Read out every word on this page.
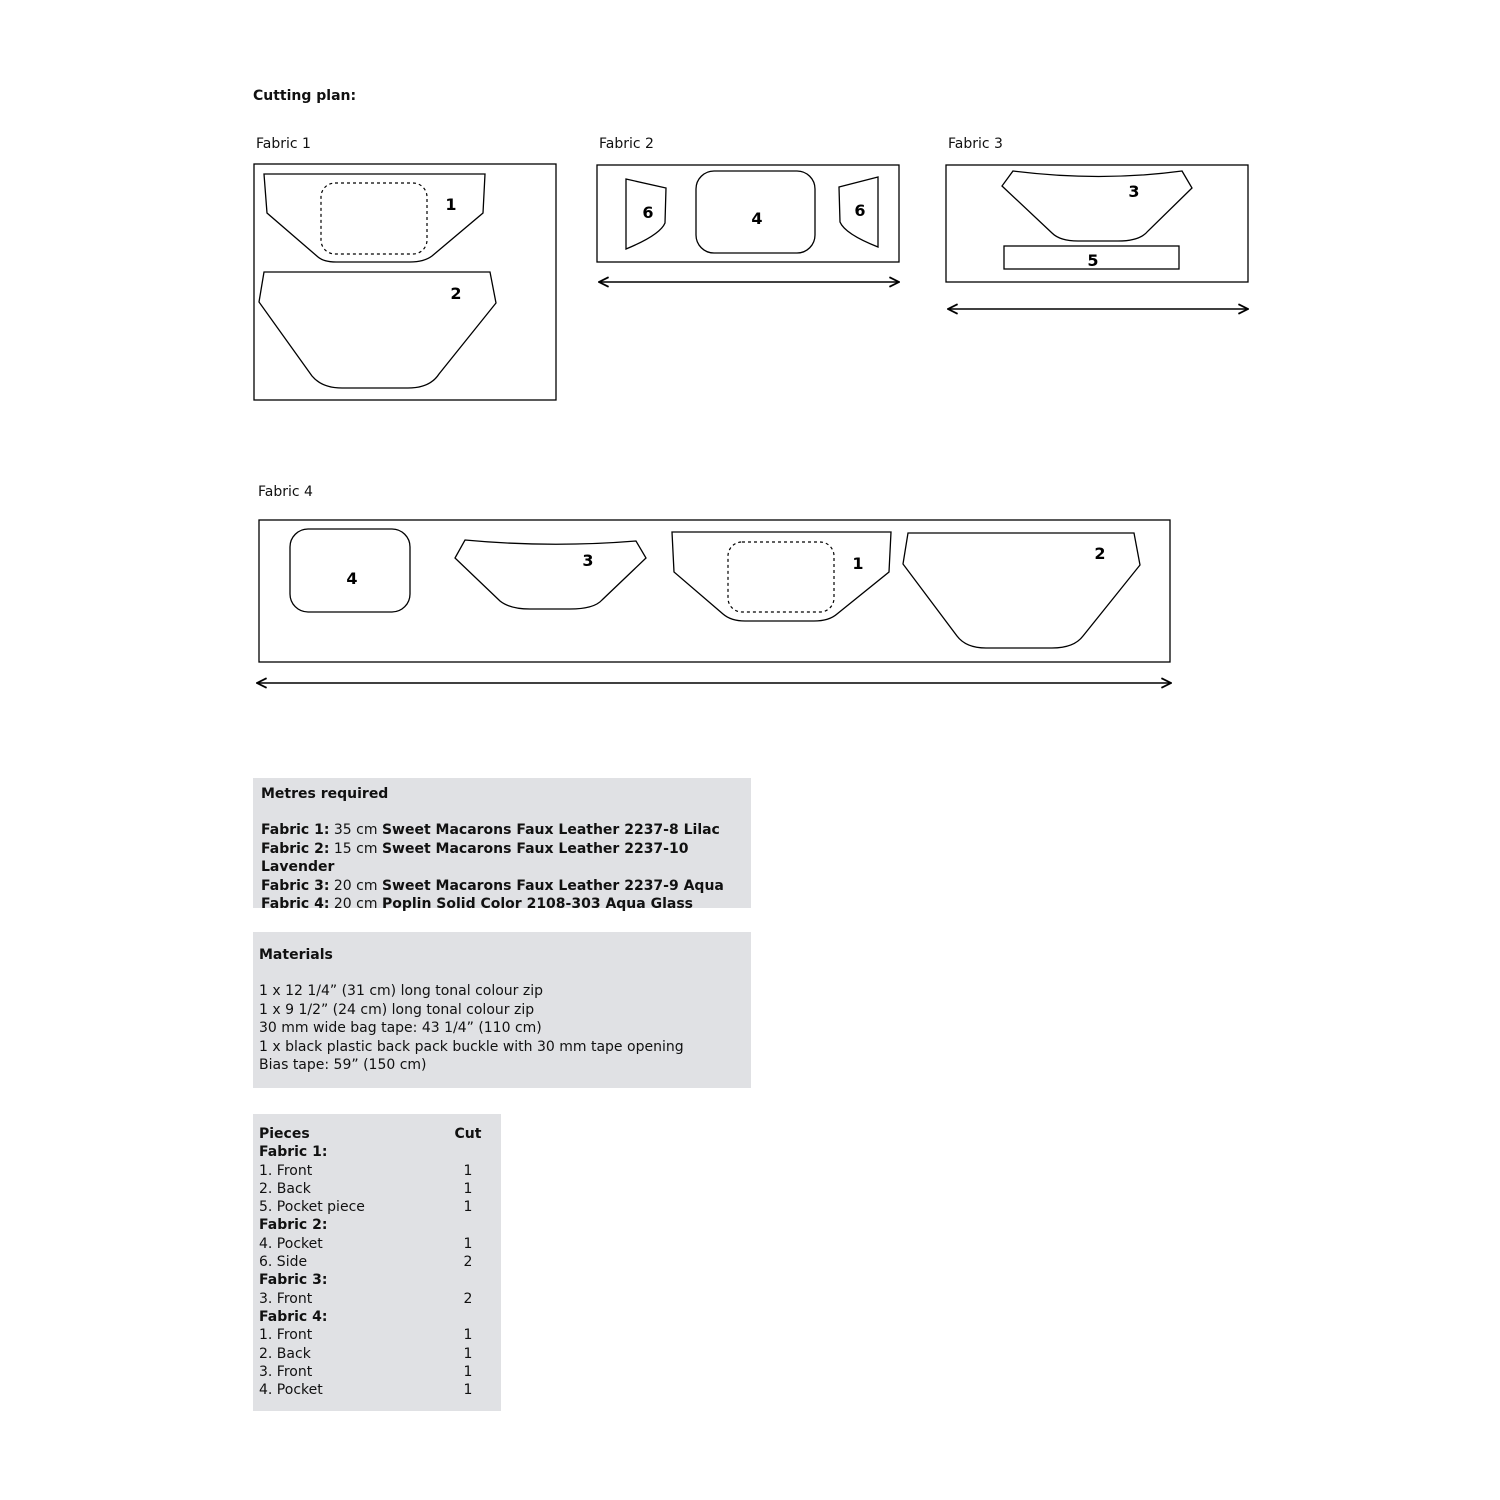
Cutting plan:
Fabric 1	Fabric 2	Fabric 3
Fabric 4
1
2
6	4	6
3
5
4
3	1
2
Metres required
Fabric 1: 35 cm Sweet Macarons Faux Leather 2237-8 Lilac
Fabric 2: 15 cm Sweet Macarons Faux Leather 2237-10 Lavender
Fabric 3: 20 cm Sweet Macarons Faux Leather 2237-9 Aqua
Fabric 4: 20 cm Poplin Solid Color 2108-303 Aqua Glass
Materials
1 x 12 1/4” (31 cm) long tonal colour zip
1 x 9 1/2” (24 cm) long tonal colour zip
30 mm wide bag tape: 43 1/4” (110 cm)
1 x black plastic back pack buckle with 30 mm tape opening
Bias tape: 59” (150 cm)
Pieces	Cut
Fabric 1:
1. Front	1
2. Back	1
5. Pocket piece	1
Fabric 2:
4. Pocket	1
6. Side	2
Fabric 3:
3. Front	2
Fabric 4:
1. Front	1
2. Back	1
3. Front	1
4. Pocket	1
